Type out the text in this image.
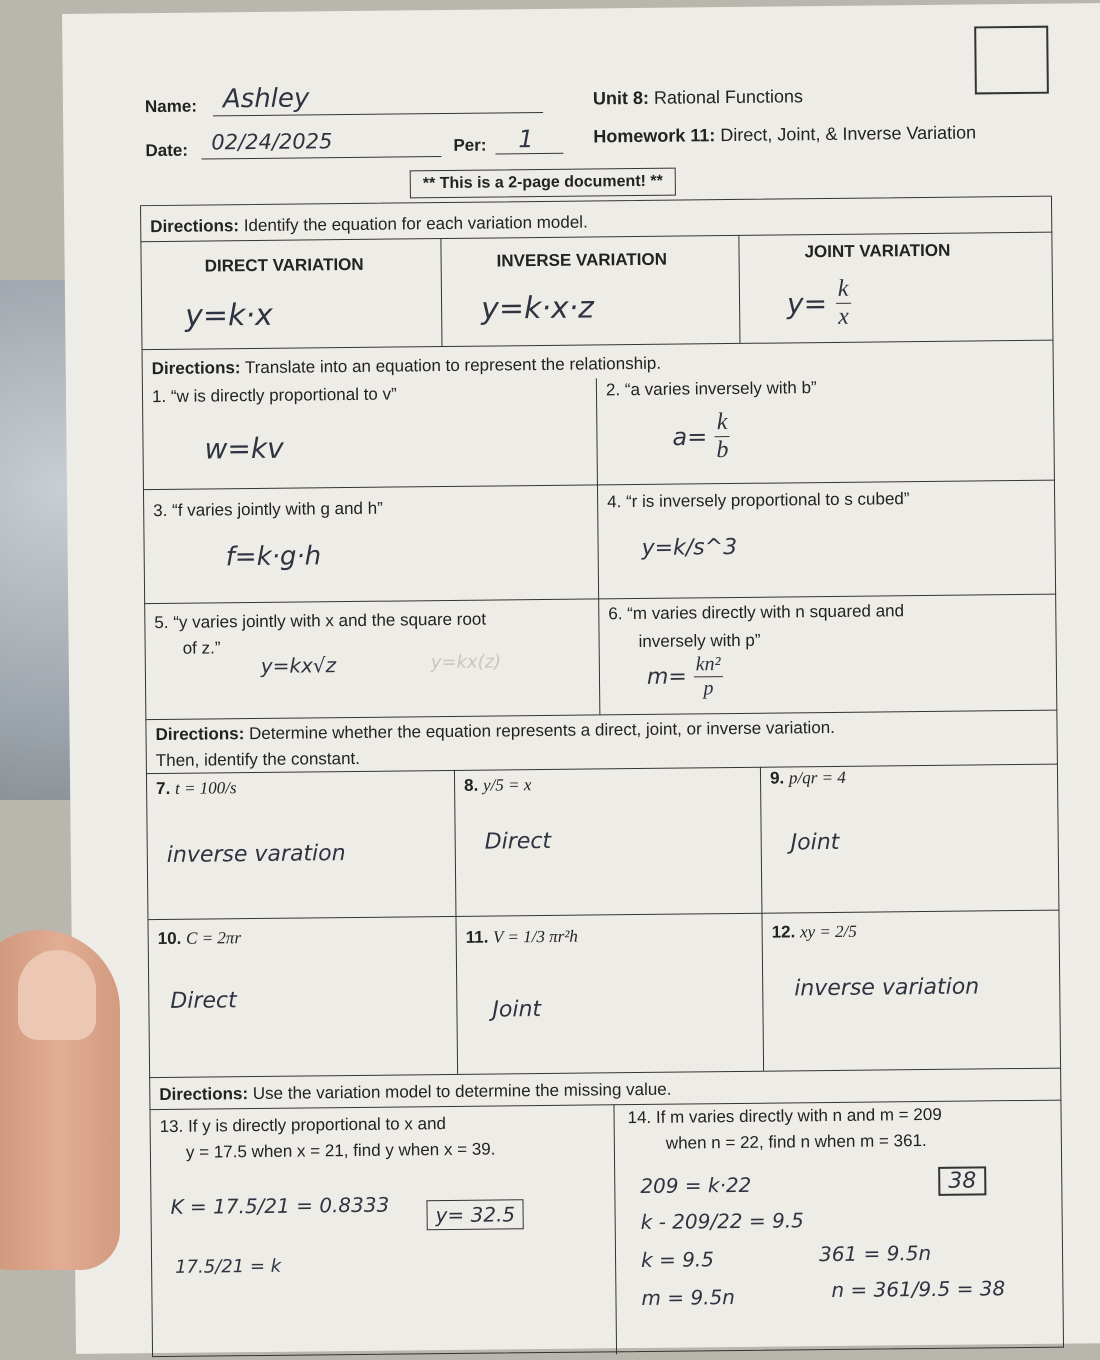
Name: Ashley	Unit 8: Rational Functions
Date: 02/24/2025	Per: 1	Homework 11: Direct, Joint, & Inverse Variation
** This is a 2-page document! **
Directions: Identify the equation for each variation model.
DIRECT VARIATION	INVERSE VARIATION	JOINT VARIATION
y=k·x	y=k·x·z	$y= \frac{k}{x}$
Directions: Translate into an equation to represent the relationship.
1. “w is directly proportional to v”
w=kv
2. “a varies inversely with b”
$a= \frac{k}{b}$
3. “f varies jointly with g and h”
f=k·g·h
4. “r is inversely proportional to s cubed”
y=k/s^3
5. “y varies jointly with x and the square root
of z.”
y=kx√z	y=kx(z)
6. “m varies directly with n squared and
inversely with p”
$m= \frac{\text{kn²}}{p}$
Directions: Determine whether the equation represents a direct, joint, or inverse variation.
Then, identify the constant.
7. t = 100/s
inverse varation
8. y/5 = x
Direct
9. p/qr = 4
Joint
10. C = 2πr
Direct
11. V = 1/3 πr²h
Joint
12. xy = 2/5
inverse variation
Directions: Use the variation model to determine the missing value.
13. If y is directly proportional to x and
y = 17.5 when x = 21, find y when x = 39.
K = 17.5/21 = 0.8333	y= 32.5
17.5/21 = k
14. If m varies directly with n and m = 209
when n = 22, find n when m = 361.
209 = k·22
k - 209/22 = 9.5
k = 9.5
m = 9.5n
38
361 = 9.5n
n = 361/9.5 = 38
